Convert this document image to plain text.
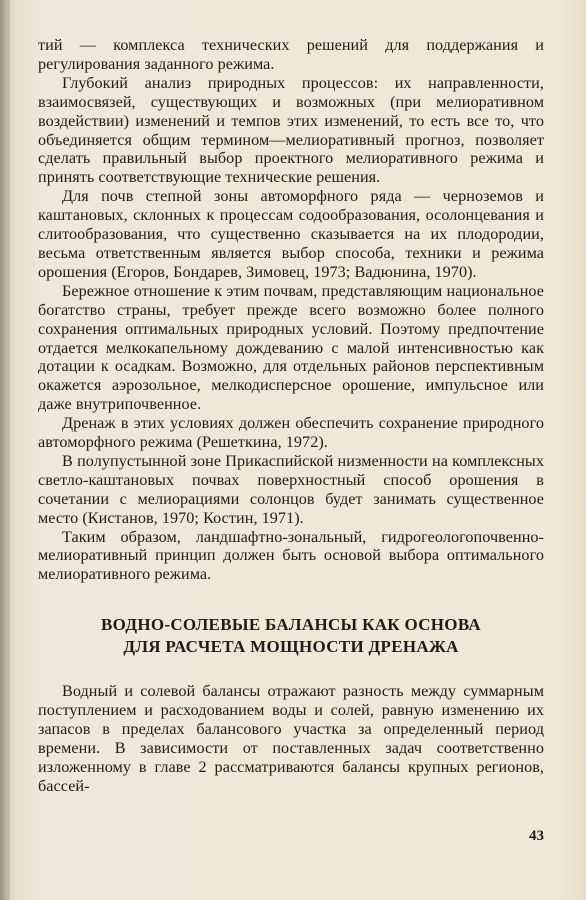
тий — комплекса технических решений для поддержания и регулирования заданного режима.

Глубокий анализ природных процессов: их направленности, взаимосвязей, существующих и возможных (при мелиоративном воздействии) изменений и темпов этих изменений, то есть все то, что объединяется общим термином—мелиоративный прогноз, позволяет сделать правильный выбор проектного мелиоративного режима и принять соответствующие технические решения.

Для почв степной зоны автоморфного ряда — черноземов и каштановых, склонных к процессам содообразования, осолонцевания и слитообразования, что существенно сказывается на их плодородии, весьма ответственным является выбор способа, техники и режима орошения (Егоров, Бондарев, Зимовец, 1973; Вадюнина, 1970).

Бережное отношение к этим почвам, представляющим национальное богатство страны, требует прежде всего возможно более полного сохранения оптимальных природных условий. Поэтому предпочтение отдается мелкокапельному дождеванию с малой интенсивностью как дотации к осадкам. Возможно, для отдельных районов перспективным окажется аэрозольное, мелкодисперсное орошение, импульсное или даже внутрипочвенное.

Дренаж в этих условиях должен обеспечить сохранение природного автоморфного режима (Решеткина, 1972).

В полупустынной зоне Прикаспийской низменности на комплексных светло-каштановых почвах поверхностный способ орошения в сочетании с мелиорациями солонцов будет занимать существенное место (Кистанов, 1970; Костин, 1971).

Таким образом, ландшафтно-зональный, гидрогеологопочвенно-мелиоративный принцип должен быть основой выбора оптимального мелиоративного режима.

ВОДНО-СОЛЕВЫЕ БАЛАНСЫ КАК ОСНОВА
ДЛЯ РАСЧЕТА МОЩНОСТИ ДРЕНАЖА

Водный и солевой балансы отражают разность между суммарным поступлением и расходованием воды и солей, равную изменению их запасов в пределах балансового участка за определенный период времени. В зависимости от поставленных задач соответственно изложенному в главе 2 рассматриваются балансы крупных регионов, бассей-

43
